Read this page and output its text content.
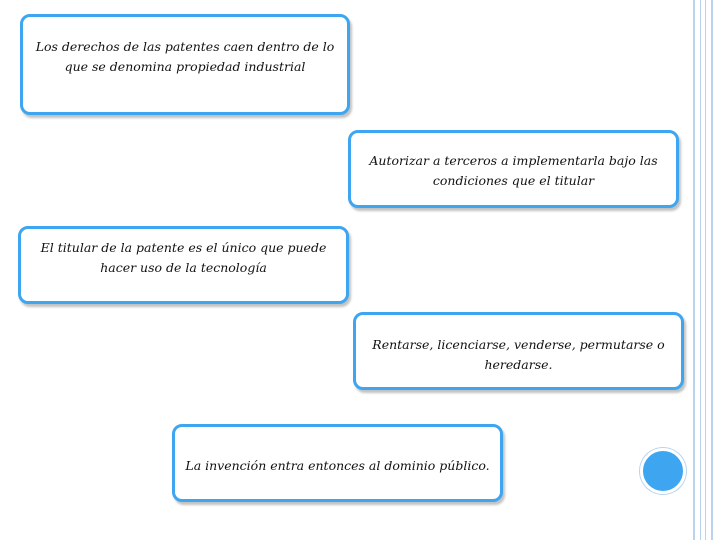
Los derechos de las patentes caen dentro de lo que se denomina propiedad industrial
Autorizar a terceros a implementarla bajo las condiciones que el titular
El titular de la patente es el único que puede hacer uso de la tecnología
Rentarse, licenciarse, venderse, permutarse o heredarse.
La invención entra entonces al dominio público.
